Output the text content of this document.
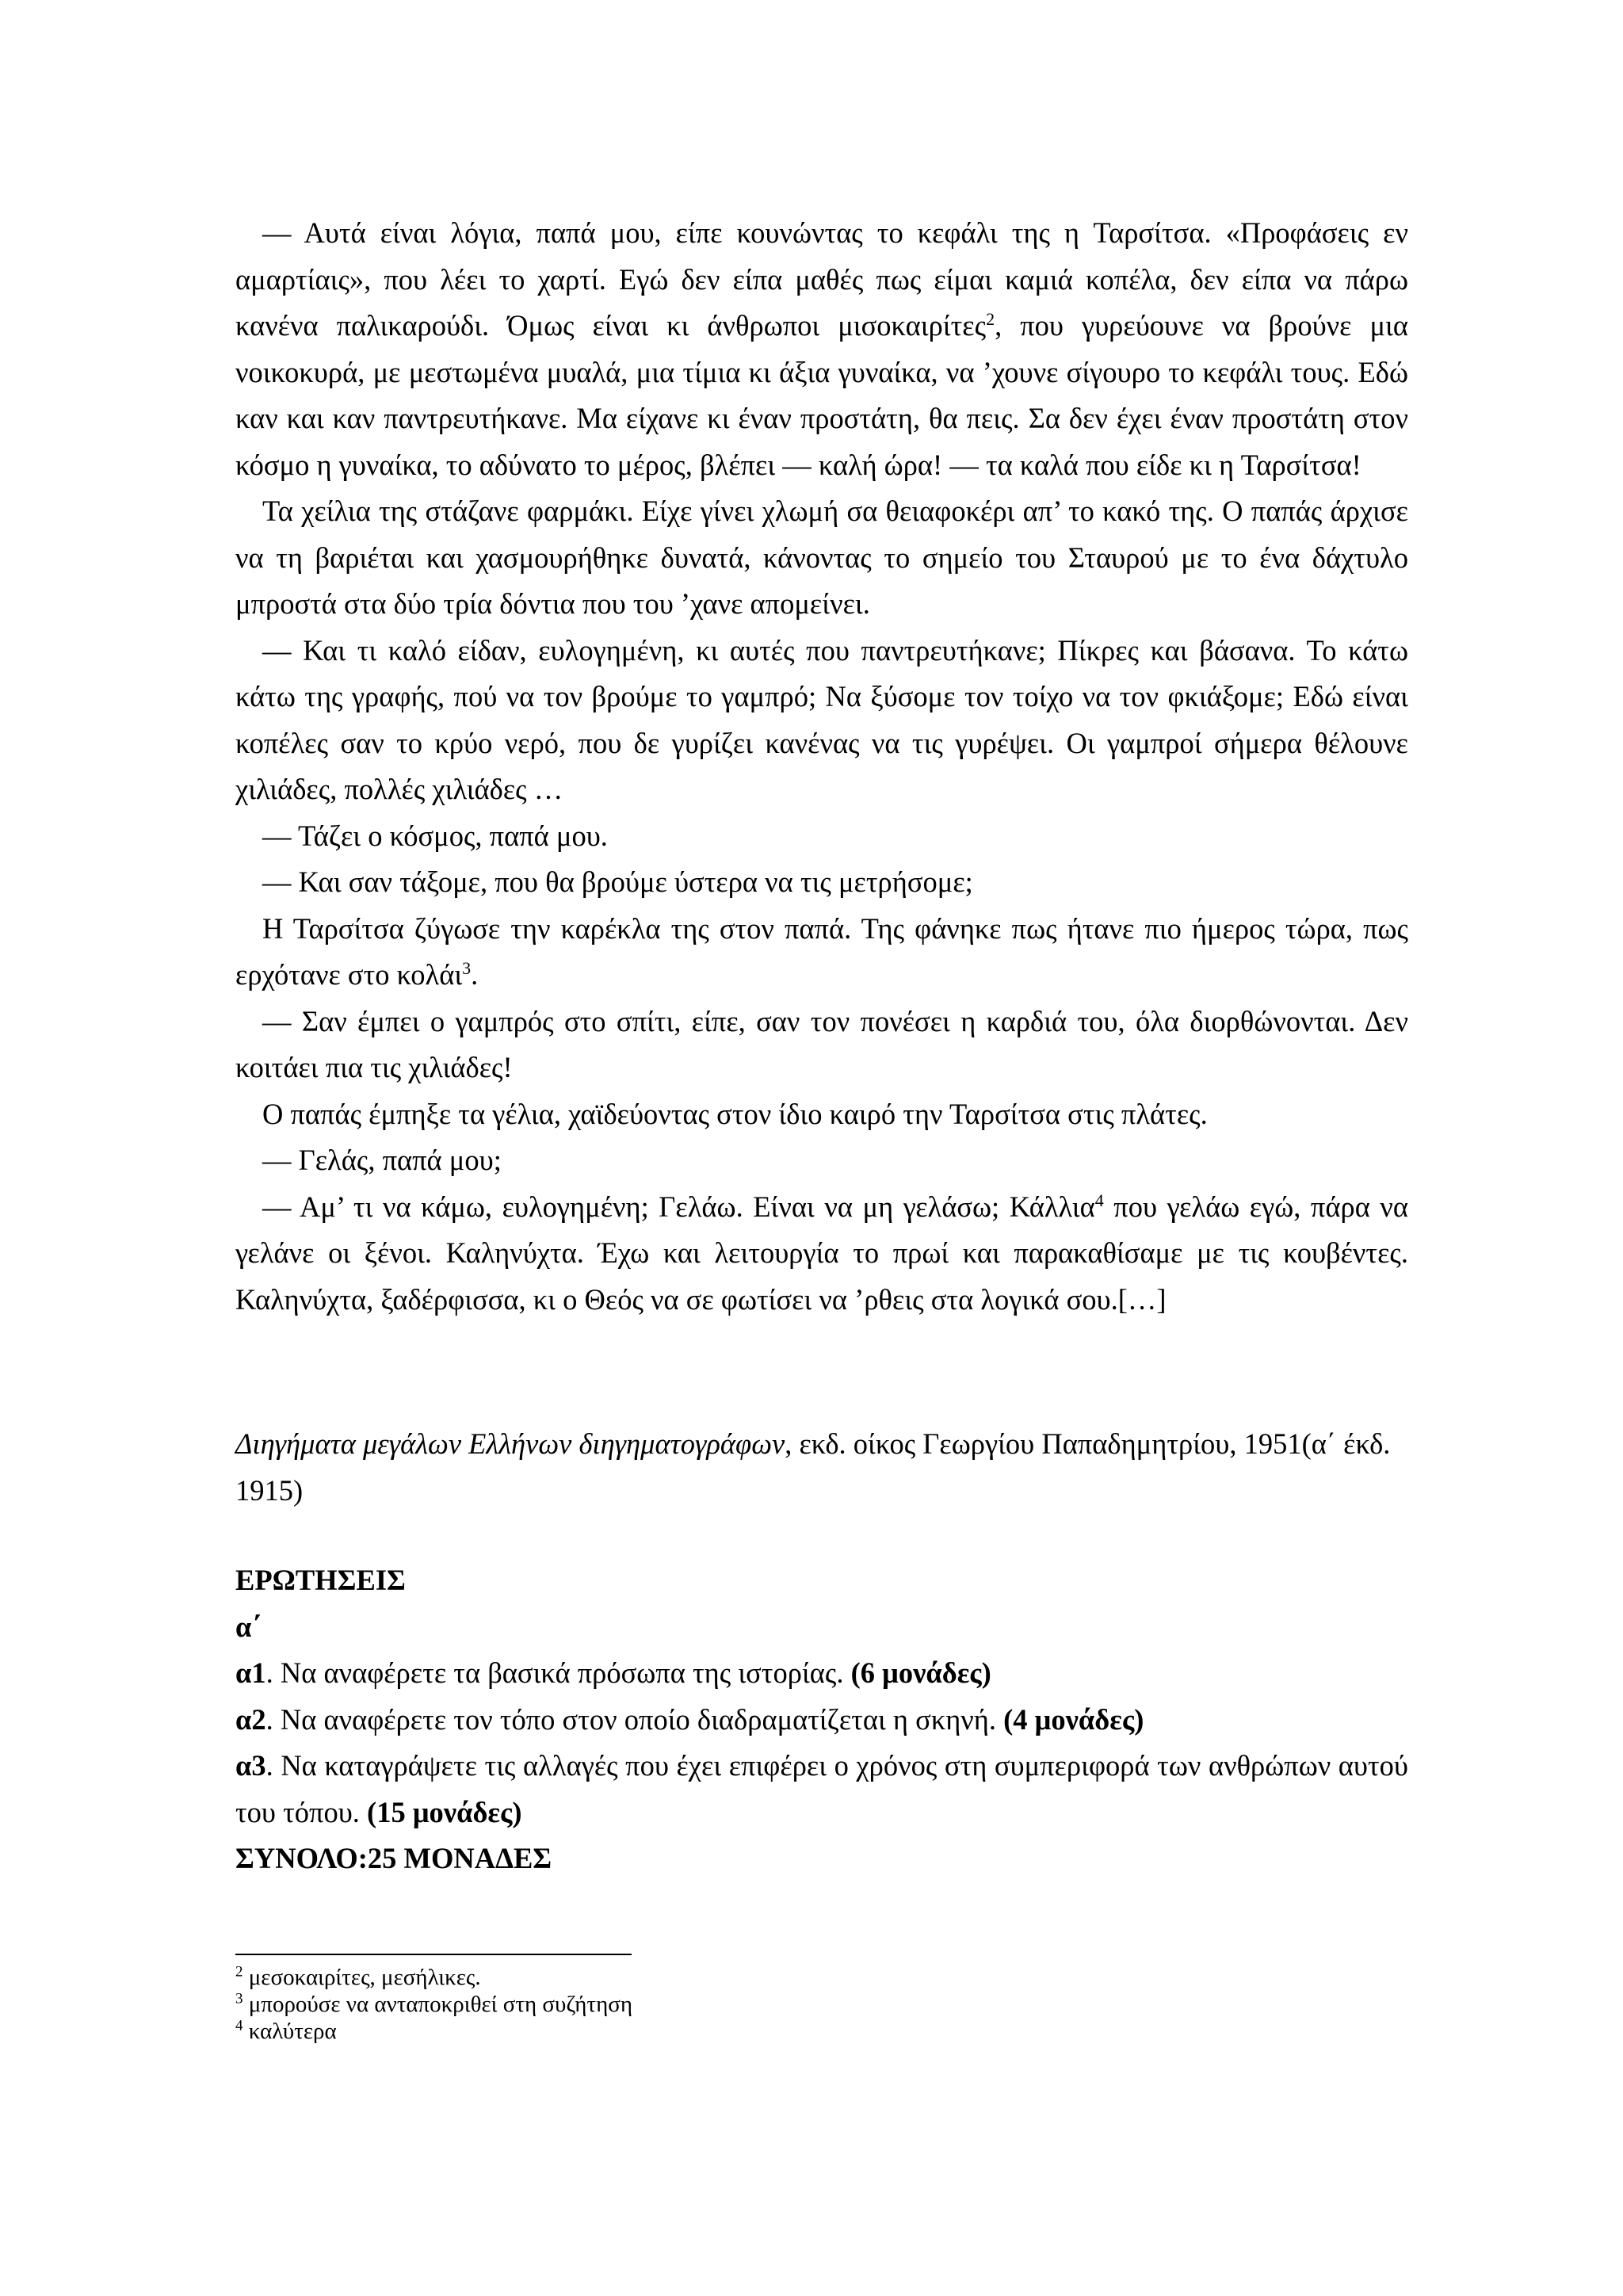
— Αυτά είναι λόγια, παπά μου, είπε κουνώντας το κεφάλι της η Ταρσίτσα. «Προφάσεις εν αμαρτίαις», που λέει το χαρτί. Εγώ δεν είπα μαθές πως είμαι καμιά κοπέλα, δεν είπα να πάρω κανένα παλικαρούδι. Όμως είναι κι άνθρωποι μισοκαιρίτες$^2$, που γυρεύουνε να βρούνε μια νοικοκυρά, με μεστωμένα μυαλά, μια τίμια κι άξια γυναίκα, να ’χουνε σίγουρο το κεφάλι τους. Εδώ καν και καν παντρευτήκανε. Μα είχανε κι έναν προστάτη, θα πεις. Σα δεν έχει έναν προστάτη στον κόσμο η γυναίκα, το αδύνατο το μέρος, βλέπει — καλή ώρα! — τα καλά που είδε κι η Ταρσίτσα!

Τα χείλια της στάζανε φαρμάκι. Είχε γίνει χλωμή σα θειαφοκέρι απ’ το κακό της. Ο παπάς άρχισε να τη βαριέται και χασμουρήθηκε δυνατά, κάνοντας το σημείο του Σταυρού με το ένα δάχτυλο μπροστά στα δύο τρία δόντια που του ’χανε απομείνει.

— Και τι καλό είδαν, ευλογημένη, κι αυτές που παντρευτήκανε; Πίκρες και βάσανα. Το κάτω κάτω της γραφής, πού να τον βρούμε το γαμπρό; Να ξύσομε τον τοίχο να τον φκιάξομε; Εδώ είναι κοπέλες σαν το κρύο νερό, που δε γυρίζει κανένας να τις γυρέψει. Οι γαμπροί σήμερα θέλουνε χιλιάδες, πολλές χιλιάδες …

— Τάζει ο κόσμος, παπά μου.

— Και σαν τάξομε, που θα βρούμε ύστερα να τις μετρήσομε;

Η Ταρσίτσα ζύγωσε την καρέκλα της στον παπά. Της φάνηκε πως ήτανε πιο ήμερος τώρα, πως ερχότανε στο κολάι$^3$.

— Σαν έμπει ο γαμπρός στο σπίτι, είπε, σαν τον πονέσει η καρδιά του, όλα διορθώνονται. Δεν κοιτάει πια τις χιλιάδες!

Ο παπάς έμπηξε τα γέλια, χαϊδεύοντας στον ίδιο καιρό την Ταρσίτσα στις πλάτες.

— Γελάς, παπά μου;

— Αμ’ τι να κάμω, ευλογημένη; Γελάω. Είναι να μη γελάσω; Κάλλια$^4$ που γελάω εγώ, πάρα να γελάνε οι ξένοι. Καληνύχτα. Έχω και λειτουργία το πρωί και παρακαθίσαμε με τις κουβέντες. Καληνύχτα, ξαδέρφισσα, κι ο Θεός να σε φωτίσει να ’ρθεις στα λογικά σου.[…]

Διηγήματα μεγάλων Ελλήνων διηγηματογράφων, εκδ. οίκος Γεωργίου Παπαδημητρίου, 1951(α΄ έκδ. 1915)

ΕΡΩΤΗΣΕΙΣ

α΄

α1. Να αναφέρετε τα βασικά πρόσωπα της ιστορίας. (6 μονάδες)

α2. Να αναφέρετε τον τόπο στον οποίο διαδραματίζεται η σκηνή. (4 μονάδες)

α3. Να καταγράψετε τις αλλαγές που έχει επιφέρει ο χρόνος στη συμπεριφορά των ανθρώπων αυτού του τόπου. (15 μονάδες)

ΣΥΝΟΛΟ:25 ΜΟΝΑΔΕΣ

$^2$ μεσοκαιρίτες, μεσήλικες.
$^3$ μπορούσε να ανταποκριθεί στη συζήτηση
$^4$ καλύτερα
